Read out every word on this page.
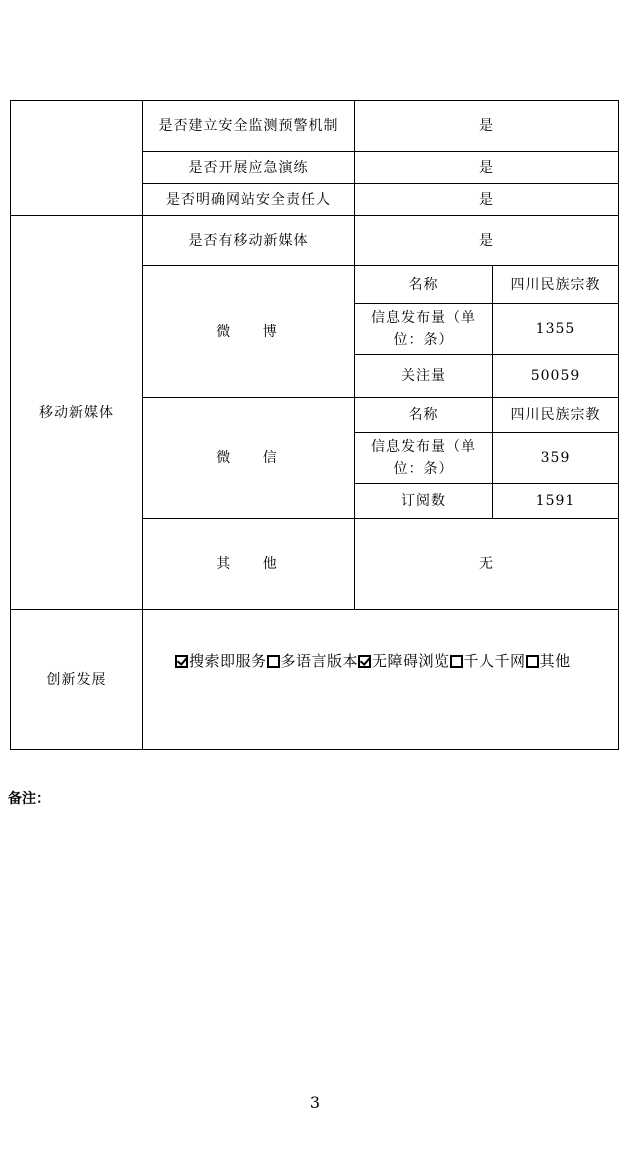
	是否建立安全监测预警机制	是	
	是否开展应急演练	是	
	是否明确网站安全责任人	是	
移动新媒体	是否有移动新媒体	是	
	微 博	名称	四川民族宗教
		信息发布量（单位：条）	1355
		关注量	50059
	微 信	名称	四川民族宗教
		信息发布量（单位：条）	359
		订阅数	1591
	其 他	无	
创新发展	搜索即服务 多语言版本 无障碍浏览 千人千网 其他		
备注：
3
